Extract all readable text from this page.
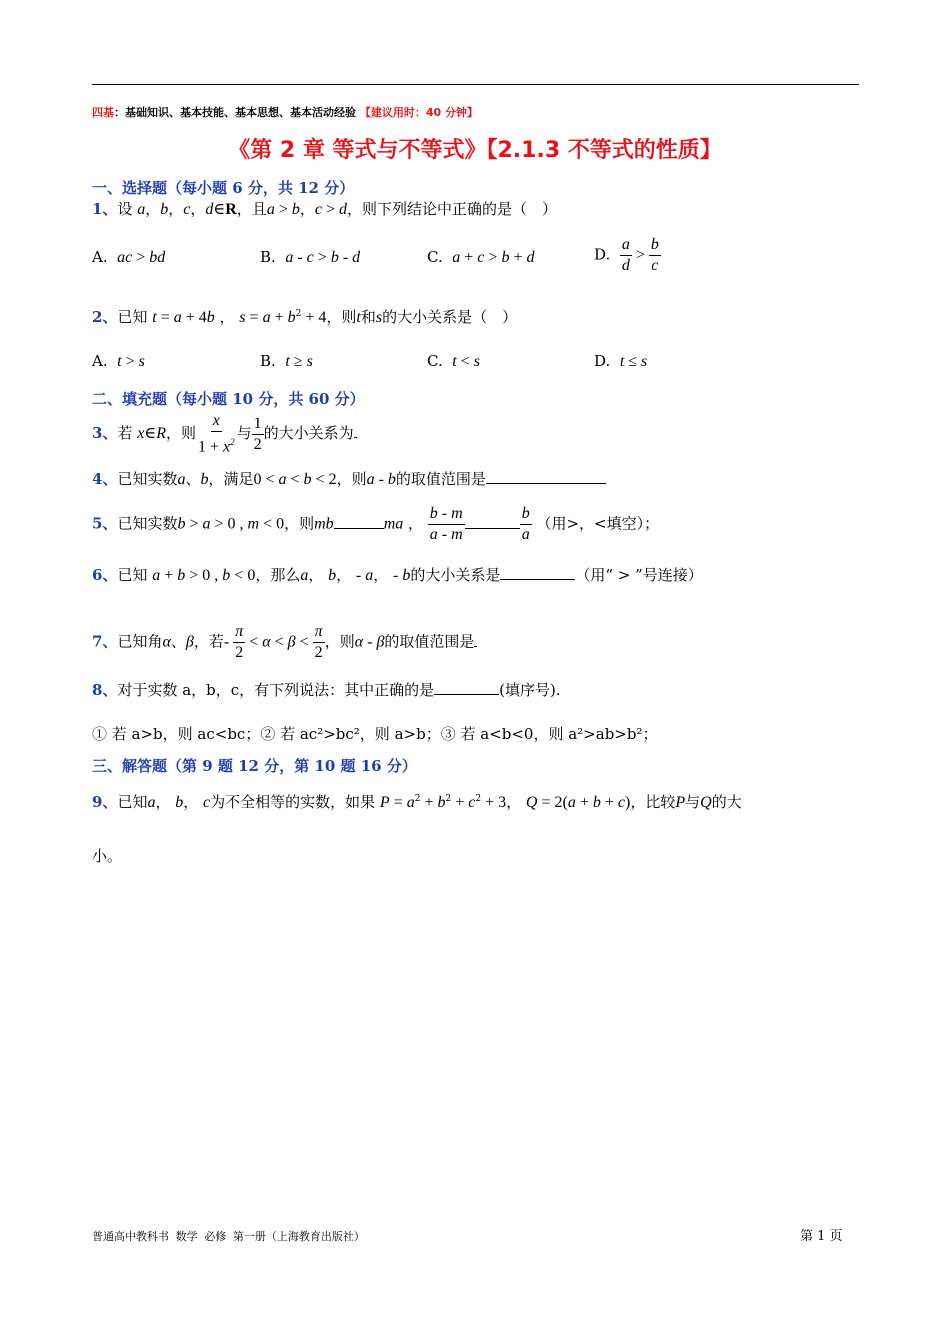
四基：基础知识、基本技能、基本思想、基本活动经验 【建议用时：40 分钟】
《第 2 章 等式与不等式》【2.1.3 不等式的性质】
一、选择题（每小题 6 分，共 12 分）
1、设 a，b，c，d∈R，且a > b，c > d，则下列结论中正确的是（　）
A. ac > bd	B. a - c > b - d	C. a + c > b + d	D. $\frac{a}{d} > \frac{b}{c}$
2、已知 t = a + 4b ， $s = a + b^2 + 4$，则t和s的大小关系是（　）
A. t > s	B. t ≥ s	C. t < s	D. t ≤ s
二、填充题（每小题 10 分，共 60 分）
3、若 x∈R，则 $\frac{x}{1 + x^2}$ 与 $\frac{1}{2}$ 的大小关系为
4、已知实数a、b，满足0 < a < b < 2，则a - b的取值范围是
5、已知实数b > a > 0 , m < 0，则mb	ma ， $\frac{b - m}{a - m}$	$\frac{b}{a}$ （用>，<填空）；
6、已知 a + b > 0 , b < 0，那么a， b， - a， - b的大小关系是	（用“ > ”号连接）
7、已知角α、β，若- $\frac{\pi}{2} < \alpha < \beta < \frac{\pi}{2}$ ，则α - β的取值范围是
8、对于实数 a，b，c，有下列说法：其中正确的是	(填序号).
① 若 a>b，则 ac<bc；② 若 ac²>bc²，则 a>b；③ 若 a<b<0，则 a²>ab>b²；
三、解答题（第 9 题 12 分，第 10 题 16 分）
9、已知a， b， c为不全相等的实数，如果 $P = a^2 + b^2 + c^2 + 3$， Q = 2(a + b + c)，比较P与Q的大
小。
普通高中教科书 数学 必修 第一册（上海教育出版社）	第 1 页
